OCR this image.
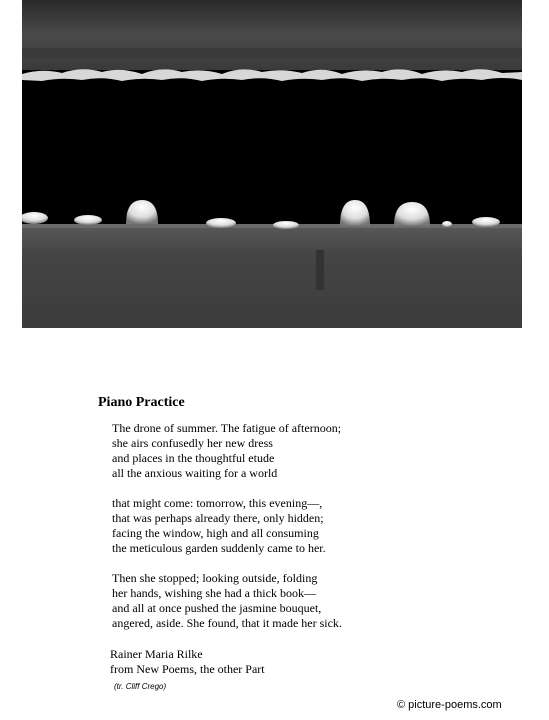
Piano Practice

The drone of summer. The fatigue of afternoon;
she airs confusedly her new dress
and places in the thoughtful etude
all the anxious waiting for a world

that might come: tomorrow, this evening—,
that was perhaps already there, only hidden;
facing the window, high and all consuming
the meticulous garden suddenly came to her.

Then she stopped; looking outside, folding
her hands, wishing she had a thick book—
and all at once pushed the jasmine bouquet,
angered, aside. She found, that it made her sick.

Rainer Maria Rilke
from New Poems, the other Part
(tr. Cliff Crego)
© picture-poems.com
